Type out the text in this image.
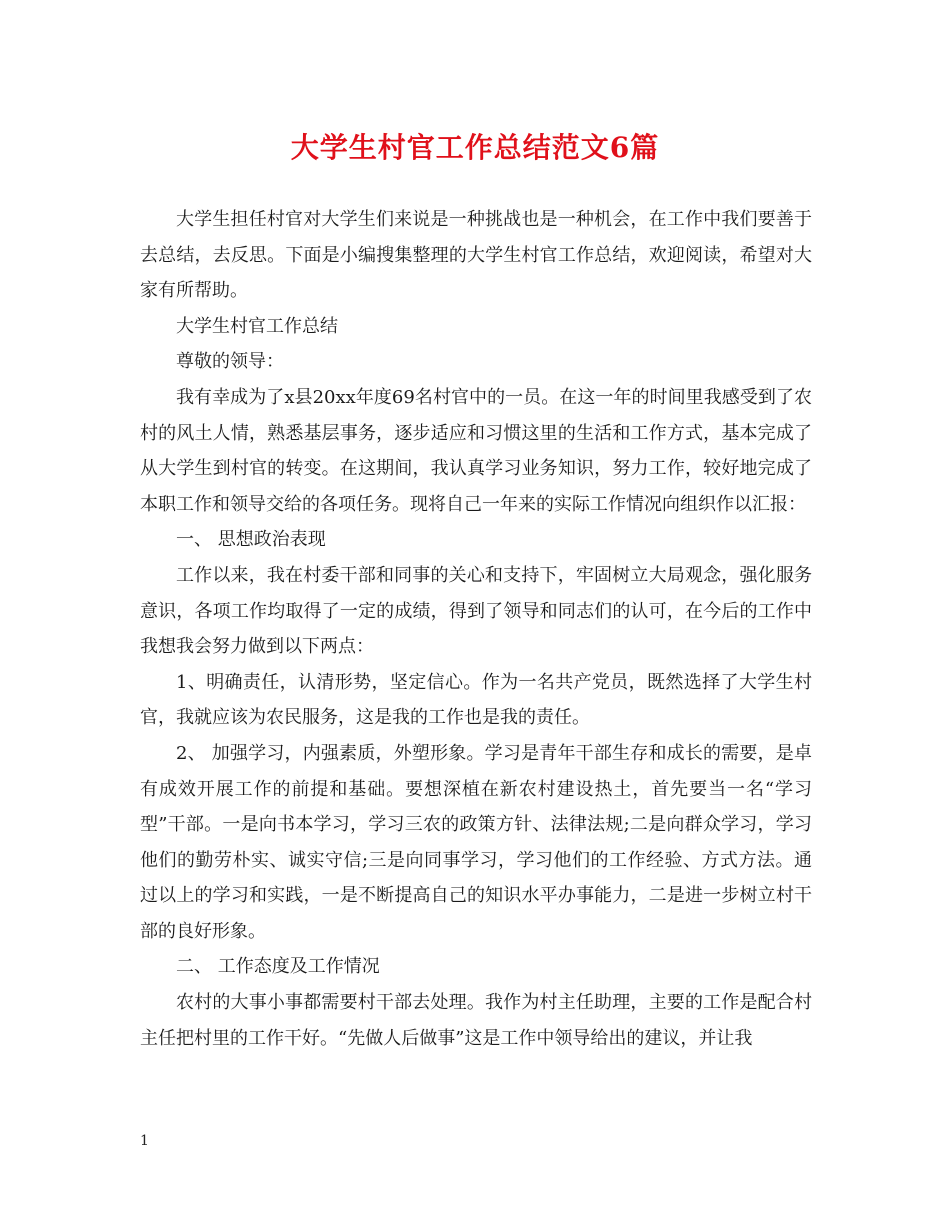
大学生村官工作总结范文6篇

大学生担任村官对大学生们来说是一种挑战也是一种机会，在工作中我们要善于去总结，去反思。下面是小编搜集整理的大学生村官工作总结，欢迎阅读，希望对大家有所帮助。

大学生村官工作总结

尊敬的领导：

我有幸成为了x县20xx年度69名村官中的一员。在这一年的时间里我感受到了农村的风土人情，熟悉基层事务，逐步适应和习惯这里的生活和工作方式，基本完成了从大学生到村官的转变。在这期间，我认真学习业务知识，努力工作，较好地完成了本职工作和领导交给的各项任务。现将自己一年来的实际工作情况向组织作以汇报：

一、 思想政治表现

工作以来，我在村委干部和同事的关心和支持下，牢固树立大局观念，强化服务意识，各项工作均取得了一定的成绩，得到了领导和同志们的认可，在今后的工作中我想我会努力做到以下两点：

1、明确责任，认清形势，坚定信心。作为一名共产党员，既然选择了大学生村官，我就应该为农民服务，这是我的工作也是我的责任。

2、 加强学习，内强素质，外塑形象。学习是青年干部生存和成长的需要，是卓有成效开展工作的前提和基础。要想深植在新农村建设热土，首先要当一名“学习型”干部。一是向书本学习，学习三农的政策方针、法律法规;二是向群众学习，学习他们的勤劳朴实、诚实守信;三是向同事学习，学习他们的工作经验、方式方法。通过以上的学习和实践，一是不断提高自己的知识水平办事能力，二是进一步树立村干部的良好形象。

二、 工作态度及工作情况

农村的大事小事都需要村干部去处理。我作为村主任助理，主要的工作是配合村主任把村里的工作干好。“先做人后做事”这是工作中领导给出的建议，并让我

1
